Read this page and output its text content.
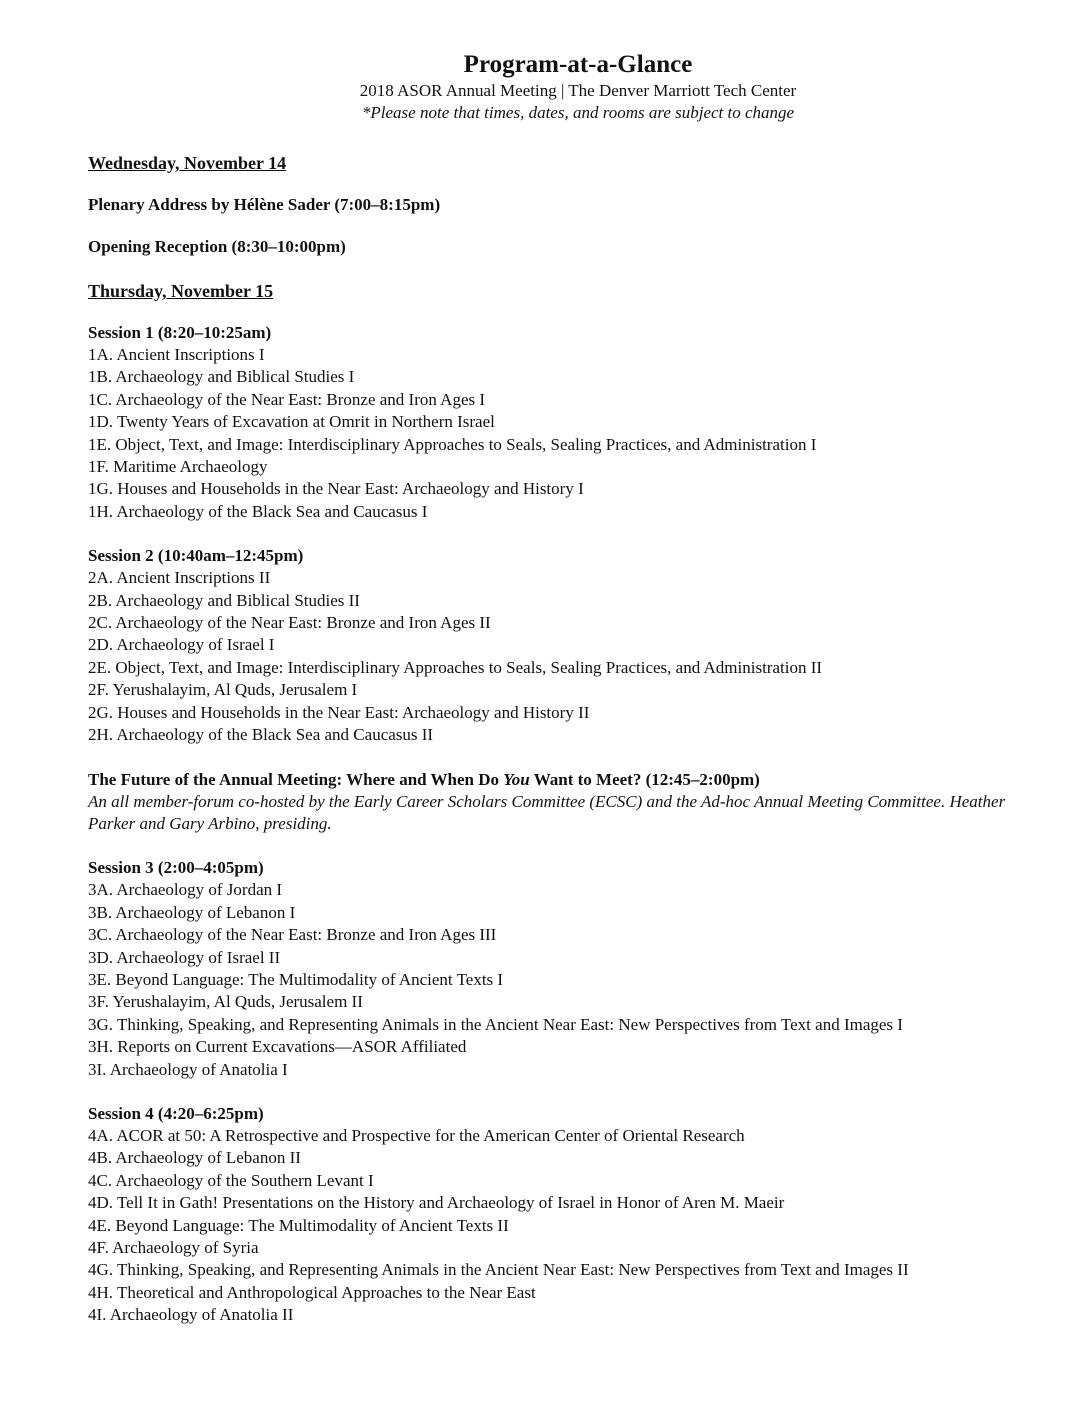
Program-at-a-Glance
2018 ASOR Annual Meeting | The Denver Marriott Tech Center
*Please note that times, dates, and rooms are subject to change
Wednesday, November 14

Plenary Address by Hélène Sader (7:00–8:15pm)

Opening Reception (8:30–10:00pm)

Thursday, November 15

Session 1 (8:20–10:25am)

1A. Ancient Inscriptions I
1B. Archaeology and Biblical Studies I
1C. Archaeology of the Near East: Bronze and Iron Ages I
1D. Twenty Years of Excavation at Omrit in Northern Israel
1E. Object, Text, and Image: Interdisciplinary Approaches to Seals, Sealing Practices, and Administration I
1F. Maritime Archaeology
1G. Houses and Households in the Near East: Archaeology and History I
1H. Archaeology of the Black Sea and Caucasus I

Session 2 (10:40am–12:45pm)

2A. Ancient Inscriptions II
2B. Archaeology and Biblical Studies II
2C. Archaeology of the Near East: Bronze and Iron Ages II
2D. Archaeology of Israel I
2E. Object, Text, and Image: Interdisciplinary Approaches to Seals, Sealing Practices, and Administration II
2F. Yerushalayim, Al Quds, Jerusalem I
2G. Houses and Households in the Near East: Archaeology and History II
2H. Archaeology of the Black Sea and Caucasus II

The Future of the Annual Meeting: Where and When Do You Want to Meet? (12:45–2:00pm)

An all member-forum co-hosted by the Early Career Scholars Committee (ECSC) and the Ad-hoc Annual Meeting Committee. Heather Parker and Gary Arbino, presiding.

Session 3 (2:00–4:05pm)

3A. Archaeology of Jordan I
3B. Archaeology of Lebanon I
3C. Archaeology of the Near East: Bronze and Iron Ages III
3D. Archaeology of Israel II
3E. Beyond Language: The Multimodality of Ancient Texts I
3F. Yerushalayim, Al Quds, Jerusalem II
3G. Thinking, Speaking, and Representing Animals in the Ancient Near East: New Perspectives from Text and Images I
3H. Reports on Current Excavations—ASOR Affiliated
3I. Archaeology of Anatolia I

Session 4 (4:20–6:25pm)

4A. ACOR at 50: A Retrospective and Prospective for the American Center of Oriental Research
4B. Archaeology of Lebanon II
4C. Archaeology of the Southern Levant I
4D. Tell It in Gath! Presentations on the History and Archaeology of Israel in Honor of Aren M. Maeir
4E. Beyond Language: The Multimodality of Ancient Texts II
4F. Archaeology of Syria
4G. Thinking, Speaking, and Representing Animals in the Ancient Near East: New Perspectives from Text and Images II
4H. Theoretical and Anthropological Approaches to the Near East
4I. Archaeology of Anatolia II
